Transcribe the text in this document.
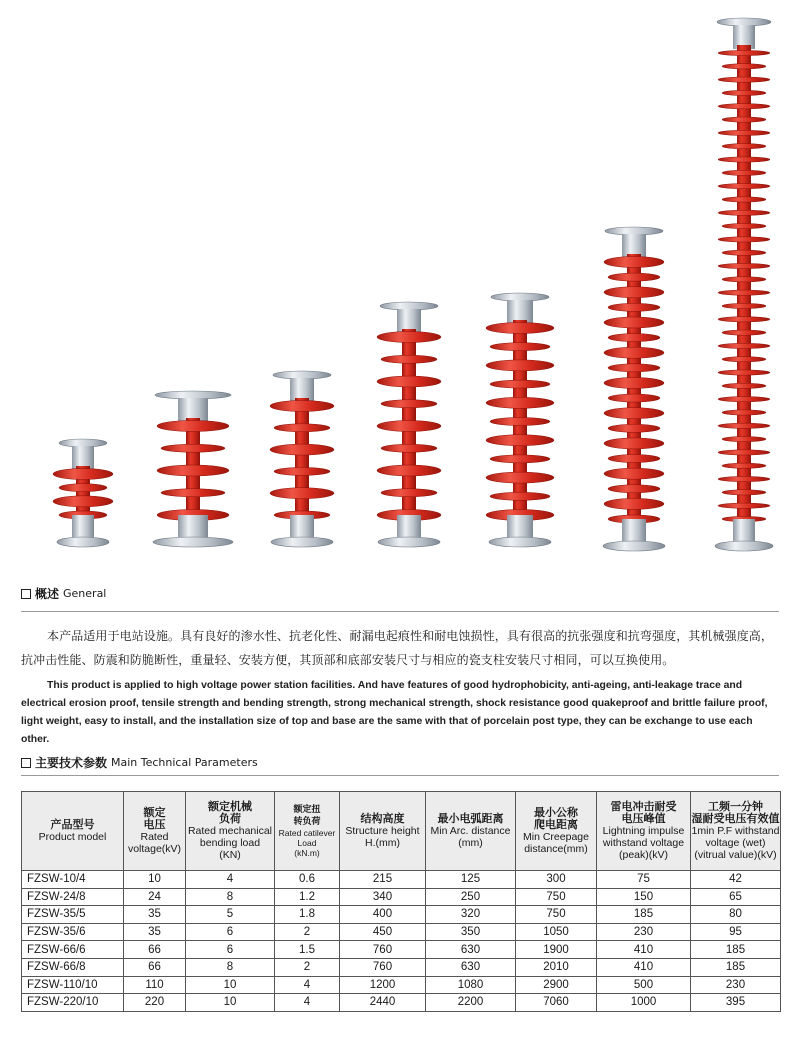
概述 General

本产品适用于电站设施。具有良好的渗水性、抗老化性、耐漏电起痕性和耐电蚀损性，具有很高的抗张强度和抗弯强度，其机械强度高，抗冲击性能、防震和防脆断性，重量轻、安装方便，其顶部和底部安装尺寸与相应的瓷支柱安装尺寸相同，可以互换使用。

This product is applied to high voltage power station facilities. And have features of good hydrophobicity, anti-ageing, anti-leakage trace and electrical erosion proof, tensile strength and bending strength, strong mechanical strength, shock resistance good quakeproof and brittle failure proof, light weight, easy to install, and the installation size of top and base are the same with that of porcelain post type, they can be exchange to use each other.

主要技术参数 Main Technical Parameters
产品型号
Product model	额定
电压
Rated
voltage(kV)	额定机械
负荷
Rated mechanical
bending load
(KN)	额定扭
转负荷
Rated catilever
Load
(kN.m)	结构高度
Structure height
H.(mm)	最小电弧距离
Min Arc. distance
(mm)	最小公称
爬电距离
Min Creepage
distance(mm)	雷电冲击耐受
电压峰值
Lightning impulse
withstand voltage
(peak)(kV)	工频一分钟
湿耐受电压有效值
1min P.F withstand
voltage (wet)
(vitrual value)(kV)

FZSW-10/4	10	4	0.6	215	125	300	75	42
FZSW-24/8	24	8	1.2	340	250	750	150	65
FZSW-35/5	35	5	1.8	400	320	750	185	80
FZSW-35/6	35	6	2	450	350	1050	230	95
FZSW-66/6	66	6	1.5	760	630	1900	410	185
FZSW-66/8	66	8	2	760	630	2010	410	185
FZSW-110/10	110	10	4	1200	1080	2900	500	230
FZSW-220/10	220	10	4	2440	2200	7060	1000	395
